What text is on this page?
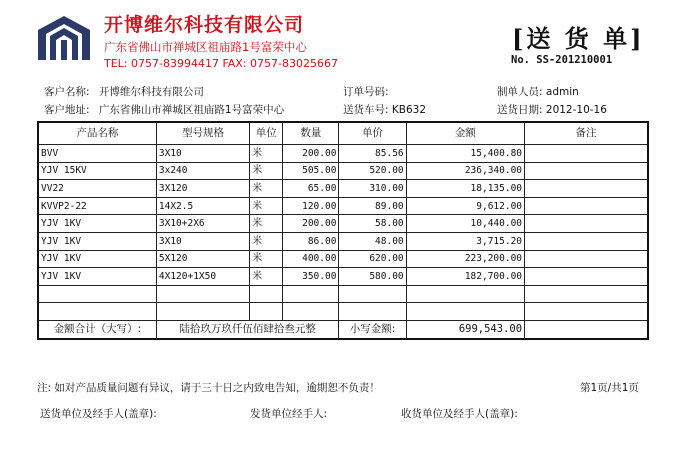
开博维尔科技有限公司
广东省佛山市禅城区祖庙路1号富荣中心
TEL: 0757-83994417 FAX: 0757-83025667
[送 货 单]
No. SS-201210001
客户名称: 开博维尔科技有限公司	订单号码:	制单人员: admin
客户地址: 广东省佛山市禅城区祖庙路1号富荣中心	送货车号: KB632	送货日期: 2012-10-16
产品名称	型号规格	单位	数量	单价	金额	备注
BVV	3X10	米	200.00	85.56	15,400.80	
YJV 15KV	3x240	米	505.00	520.00	236,340.00	
VV22	3X120	米	65.00	310.00	18,135.00	
KVVP2-22	14X2.5	米	120.00	89.00	9,612.00	
YJV 1KV	3X10+2X6	米	200.00	58.00	10,440.00	
YJV 1KV	3X10	米	86.00	48.00	3,715.20	
YJV 1KV	5X120	米	400.00	620.00	223,200.00	
YJV 1KV	4X120+1X50	米	350.00	580.00	182,700.00	

金额合计（大写）:	陆拾玖万玖仟伍佰肆拾叁元整			小写金额:	699,543.00	
注: 如对产品质量问题有异议，请于三十日之内致电告知，逾期恕不负责！	第1页/共1页
送货单位及经手人(盖章):	发货单位经手人:	收货单位及经手人(盖章):
